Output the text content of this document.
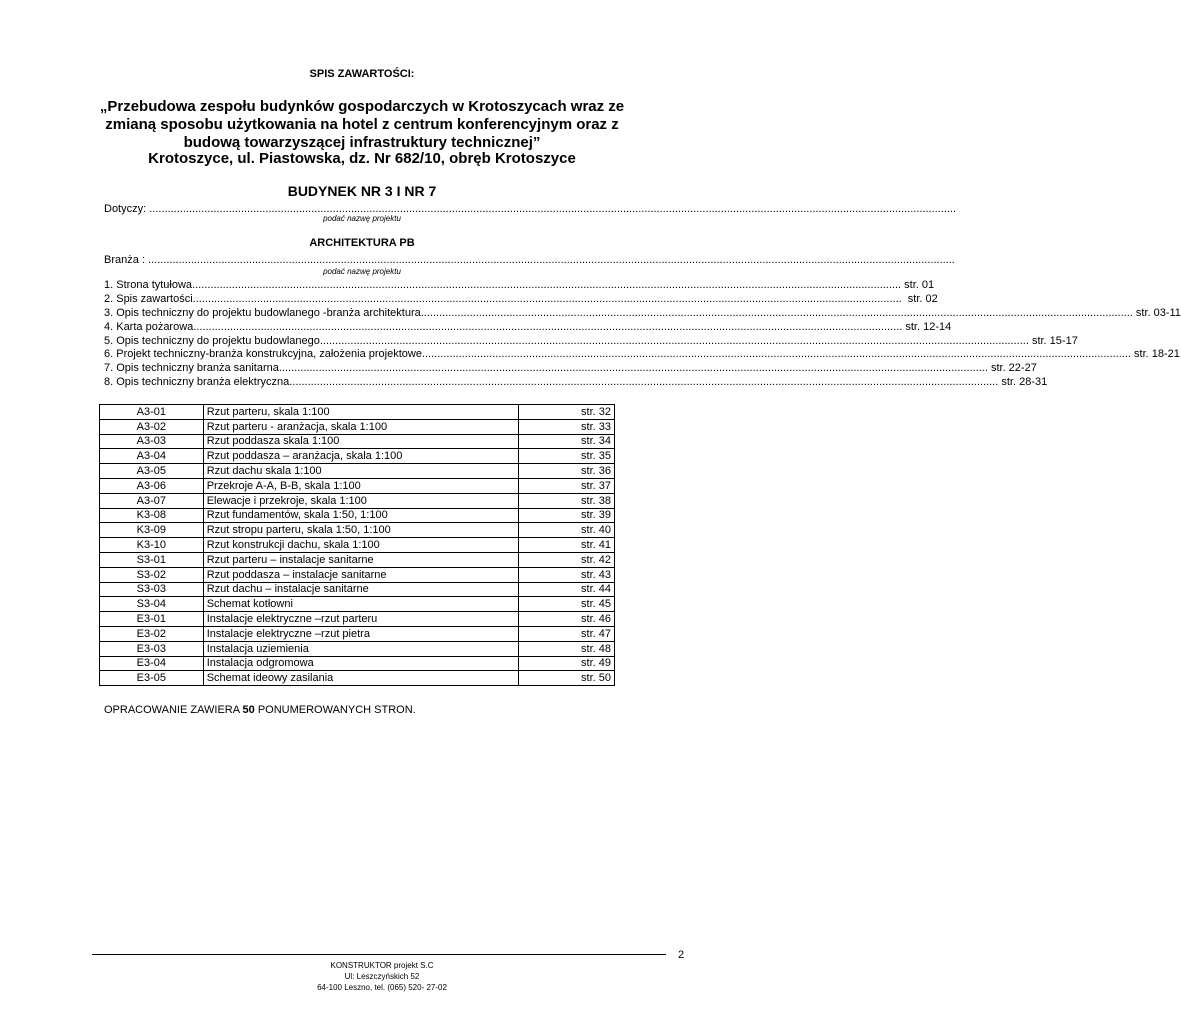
SPIS ZAWARTOŚCI:
„Przebudowa zespołu budynków gospodarczych w Krotoszycach wraz ze
zmianą sposobu użytkowania na hotel z centrum konferencyjnym oraz z
budową towarzyszącej infrastruktury technicznej”
Krotoszyce, ul. Piastowska, dz. Nr 682/10, obręb Krotoszyce
BUDYNEK NR 3 I NR 7
Dotyczy: .....
podać nazwę projektu
ARCHITEKTURA PB
Branża : .....
podać nazwę projektu
1. Strona tytułowa .....	str. 01
2. Spis zawartości .....	str. 02
3. Opis techniczny do projektu budowlanego -branża architektura. .....	str. 03-11
4. Karta pożarowa .....	str. 12-14
5. Opis techniczny do projektu budowlanego .....	str. 15-17
6. Projekt techniczny-branża konstrukcyjna, założenia projektowe .....	str. 18-21
7. Opis techniczny branża sanitarna .....	str. 22-27
8. Opis techniczny branża elektryczna .....	str. 28-31
A3-01	Rzut parteru, skala 1:100	str. 32
A3-02	Rzut parteru - aranżacja, skala 1:100	str. 33
A3-03	Rzut poddasza skala 1:100	str. 34
A3-04	Rzut poddasza – aranżacja, skala 1:100	str. 35
A3-05	Rzut dachu skala 1:100	str. 36
A3-06	Przekroje A-A, B-B, skala 1:100	str. 37
A3-07	Elewacje i przekroje, skala 1:100	str. 38
K3-08	Rzut fundamentów, skala 1:50, 1:100	str. 39
K3-09	Rzut stropu parteru, skala 1:50, 1:100	str. 40
K3-10	Rzut konstrukcji dachu, skala 1:100	str. 41
S3-01	Rzut parteru – instalacje sanitarne	str. 42
S3-02	Rzut poddasza – instalacje sanitarne	str. 43
S3-03	Rzut dachu – instalacje sanitarne	str. 44
S3-04	Schemat kotłowni	str. 45
E3-01	Instalacje elektryczne –rzut parteru	str. 46
E3-02	Instalacje elektryczne –rzut pietra	str. 47
E3-03	Instalacja uziemienia	str. 48
E3-04	Instalacja odgromowa	str. 49
E3-05	Schemat ideowy zasilania	str. 50
OPRACOWANIE ZAWIERA 50 PONUMEROWANYCH STRON.
2
KONSTRUKTOR projekt S.C
Ul: Leszczyńskich 52
64-100 Leszno, tel. (065) 520- 27-02
